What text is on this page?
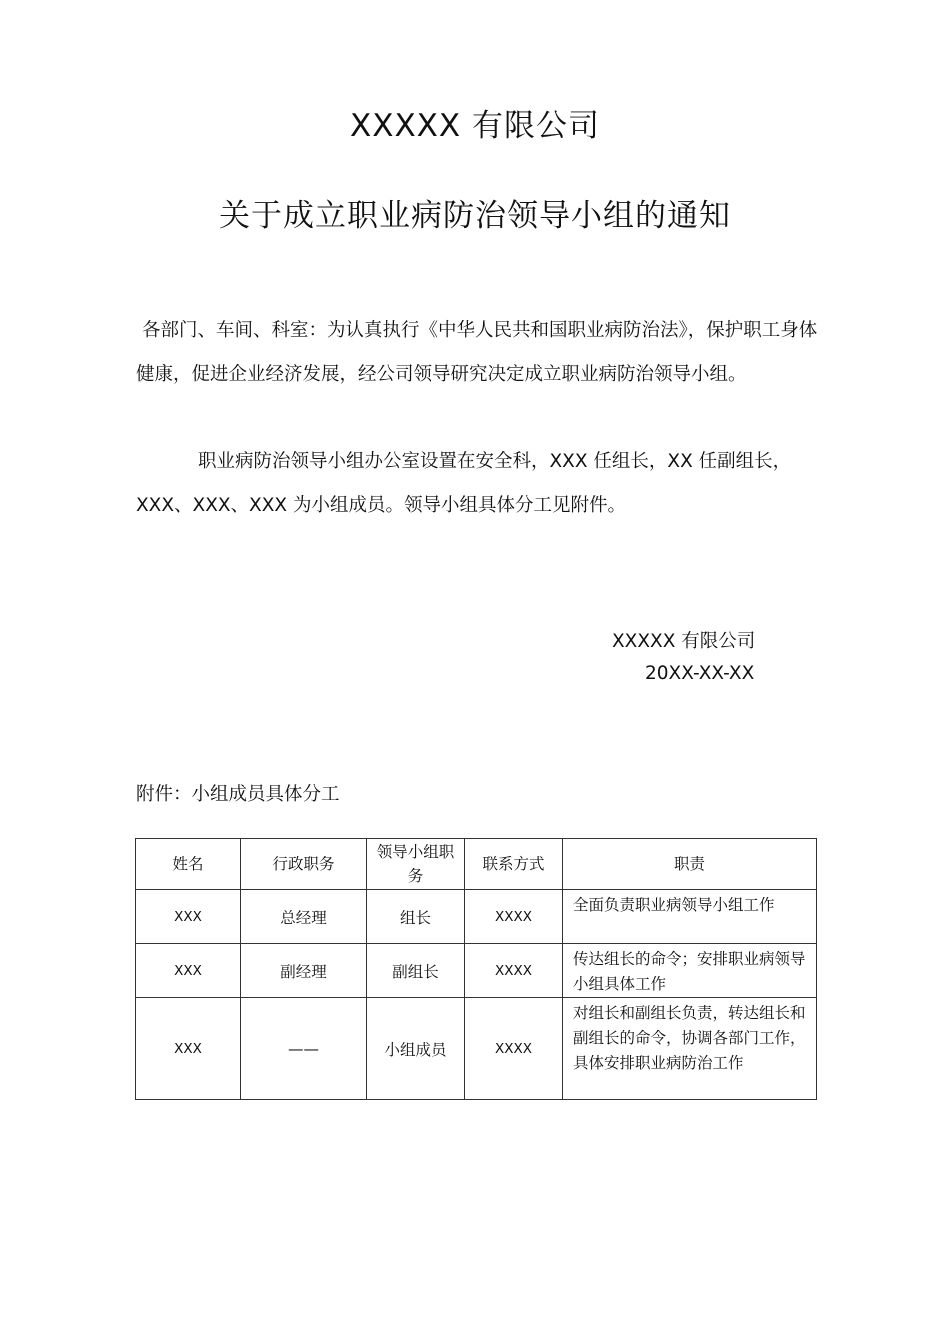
XXXXX 有限公司
关于成立职业病防治领导小组的通知
各部门、车间、科室：为认真执行《中华人民共和国职业病防治法》，保护职工身体健康，促进企业经济发展，经公司领导研究决定成立职业病防治领导小组。
职业病防治领导小组办公室设置在安全科，XXX 任组长，XX 任副组长，XXX、XXX、XXX 为小组成员。领导小组具体分工见附件。
XXXXX 有限公司
20XX-XX-XX
附件：小组成员具体分工
姓名	行政职务	领导小组职务	联系方式	职责
XXX	总经理	组长	XXXX	全面负责职业病领导小组工作
XXX	副经理	副组长	XXXX	传达组长的命令；安排职业病领导小组具体工作
XXX	——	小组成员	XXXX	对组长和副组长负责，转达组长和副组长的命令，协调各部门工作，具体安排职业病防治工作
